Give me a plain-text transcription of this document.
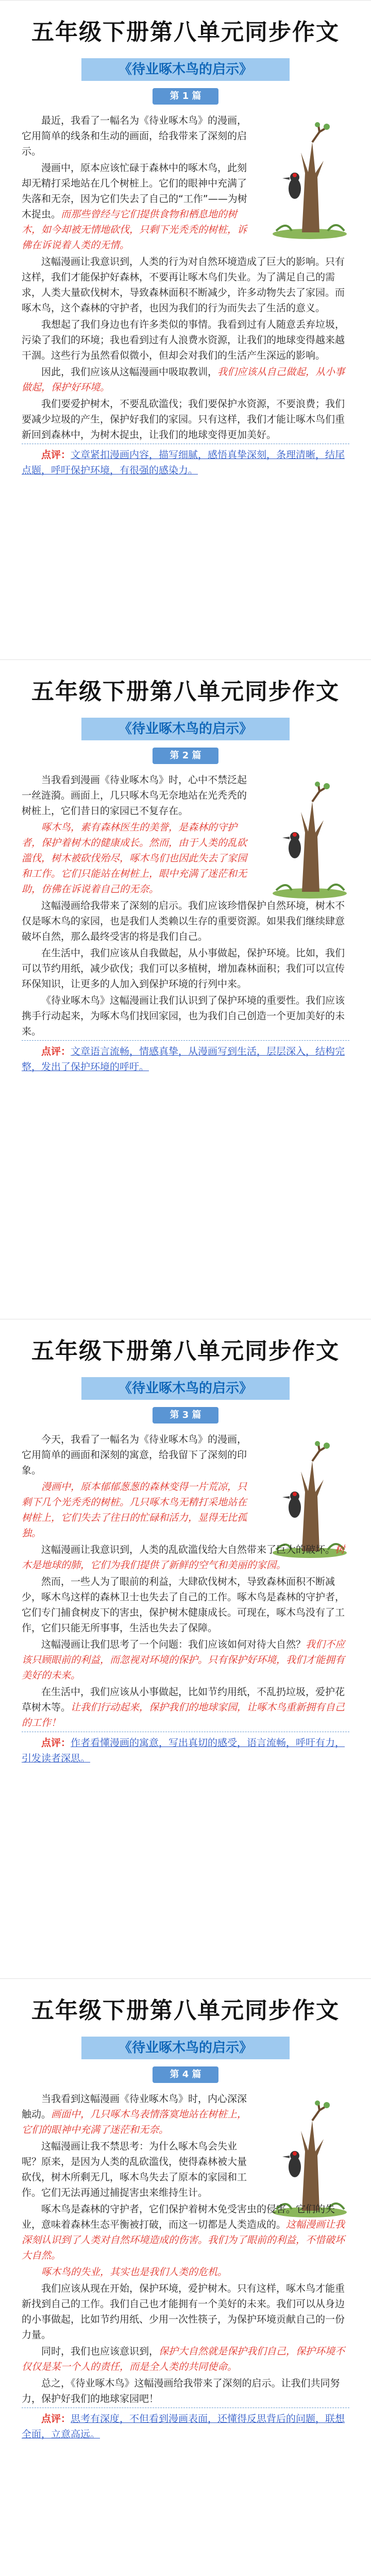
五年级下册第八单元同步作文
《待业啄木鸟的启示》
第 1 篇

最近，我看了一幅名为《待业啄木鸟》的漫画，它用简单的线条和生动的画面，给我带来了深刻的启示。

漫画中，原本应该忙碌于森林中的啄木鸟，此刻却无精打采地站在几个树桩上。它们的眼神中充满了失落和无奈，因为它们失去了自己的“工作”——为树木捉虫。而那些曾经与它们提供食物和栖息地的树木，如今却被无情地砍伐，只剩下光秃秃的树桩，诉佛在诉说着人类的无情。

这幅漫画让我意识到，人类的行为对自然环境造成了巨大的影响。只有这样，我们才能保护好森林，不要再让啄木鸟们失业。为了满足自己的需求，人类大量砍伐树木，导致森林面积不断减少，许多动物失去了家园。而啄木鸟，这个森林的守护者，也因为我们的行为而失去了生活的意义。

我想起了我们身边也有许多类似的事情。我看到过有人随意丢弃垃圾，污染了我们的环境；我也看到过有人浪费水资源，让我们的地球变得越来越干涸。这些行为虽然看似微小，但却会对我们的生活产生深远的影响。

因此，我们应该从这幅漫画中吸取教训，我们应该从自己做起，从小事做起，保护好环境。

我们要爱护树木，不要乱砍滥伐；我们要保护水资源，不要浪费；我们要减少垃圾的产生，保护好我们的家园。只有这样，我们才能让啄木鸟们重新回到森林中，为树木捉虫，让我们的地球变得更加美好。

点评：文章紧扣漫画内容，描写细腻，感悟真挚深刻，条理清晰，结尾点题，呼吁保护环境，有很强的感染力。

五年级下册第八单元同步作文
《待业啄木鸟的启示》
第 2 篇

当我看到漫画《待业啄木鸟》时，心中不禁泛起一丝涟漪。画面上，几只啄木鸟无奈地站在光秃秃的树桩上，它们昔日的家园已不复存在。

啄木鸟，素有森林医生的美誉，是森林的守护者，保护着树木的健康成长。然而，由于人类的乱砍滥伐，树木被砍伐殆尽，啄木鸟们也因此失去了家园和工作。它们只能站在树桩上，眼中充满了迷茫和无助，仿佛在诉说着自己的无奈。

这幅漫画给我带来了深刻的启示。我们应该珍惜保护自然环境，树木不仅是啄木鸟的家园，也是我们人类赖以生存的重要资源。如果我们继续肆意破坏自然，那么最终受害的将是我们自己。

在生活中，我们应该从自我做起，从小事做起，保护环境。比如，我们可以节约用纸，减少砍伐；我们可以多植树，增加森林面积；我们可以宣传环保知识，让更多的人加入到保护环境的行列中来。

《待业啄木鸟》这幅漫画让我们认识到了保护环境的重要性。我们应该携手行动起来，为啄木鸟们找回家园，也为我们自己创造一个更加美好的未来。

点评：文章语言流畅，情感真挚，从漫画写到生活，层层深入，结构完整，发出了保护环境的呼吁。

五年级下册第八单元同步作文
《待业啄木鸟的启示》
第 3 篇

今天，我看了一幅名为《待业啄木鸟》的漫画，它用简单的画面和深刻的寓意，给我留下了深刻的印象。

漫画中，原本郁郁葱葱的森林变得一片荒凉，只剩下几个光秃秃的树桩。几只啄木鸟无精打采地站在树桩上，它们失去了往日的忙碌和活力，显得无比孤独。

这幅漫画让我意识到，人类的乱砍滥伐给大自然带来了巨大的破坏。树木是地球的肺，它们为我们提供了新鲜的空气和美丽的家园。

然而，一些人为了眼前的利益，大肆砍伐树木，导致森林面积不断减少，啄木鸟这样的森林卫士也失去了自己的工作。啄木鸟是森林的守护者，它们专门捕食树皮下的害虫，保护树木健康成长。可现在，啄木鸟没有了工作，它们只能无所事事，生活也失去了保障。

这幅漫画让我们思考了一个问题：我们应该如何对待大自然？我们不应该只顾眼前的利益，而忽视对环境的保护。只有保护好环境，我们才能拥有美好的未来。

在生活中，我们应该从小事做起，比如节约用纸，不乱扔垃圾，爱护花草树木等。让我们行动起来，保护我们的地球家园，让啄木鸟重新拥有自己的工作！

点评：作者看懂漫画的寓意，写出真切的感受，语言流畅，呼吁有力，引发读者深思。

五年级下册第八单元同步作文
《待业啄木鸟的启示》
第 4 篇

当我看到这幅漫画《待业啄木鸟》时，内心深深触动。画面中，几只啄木鸟表情落寞地站在树桩上，它们的眼神中充满了迷茫和无奈。

这幅漫画让我不禁思考：为什么啄木鸟会失业呢？原来，是因为人类的乱砍滥伐，使得森林被大量砍伐，树木所剩无几，啄木鸟失去了原本的家园和工作。它们无法再通过捕捉害虫来维持生计。

啄木鸟是森林的守护者，它们保护着树木免受害虫的侵害。它们的失业，意味着森林生态平衡被打破，而这一切都是人类造成的。这幅漫画让我深刻认识到了人类对自然环境造成的伤害。我们为了眼前的利益，不惜破坏大自然。

啄木鸟的失业，其实也是我们人类的危机。

我们应该从现在开始，保护环境，爱护树木。只有这样，啄木鸟才能重新找到自己的工作。我们自己也才能拥有一个美好的未来。我们可以从身边的小事做起，比如节约用纸、少用一次性筷子，为保护环境贡献自己的一份力量。

同时，我们也应该意识到，保护大自然就是保护我们自己，保护环境不仅仅是某一个人的责任，而是全人类的共同使命。

总之，《待业啄木鸟》这幅漫画给我带来了深刻的启示。让我们共同努力，保护好我们的地球家园吧！

点评：思考有深度，不但看到漫画表面，还懂得反思背后的问题，联想全面，立意高远。
